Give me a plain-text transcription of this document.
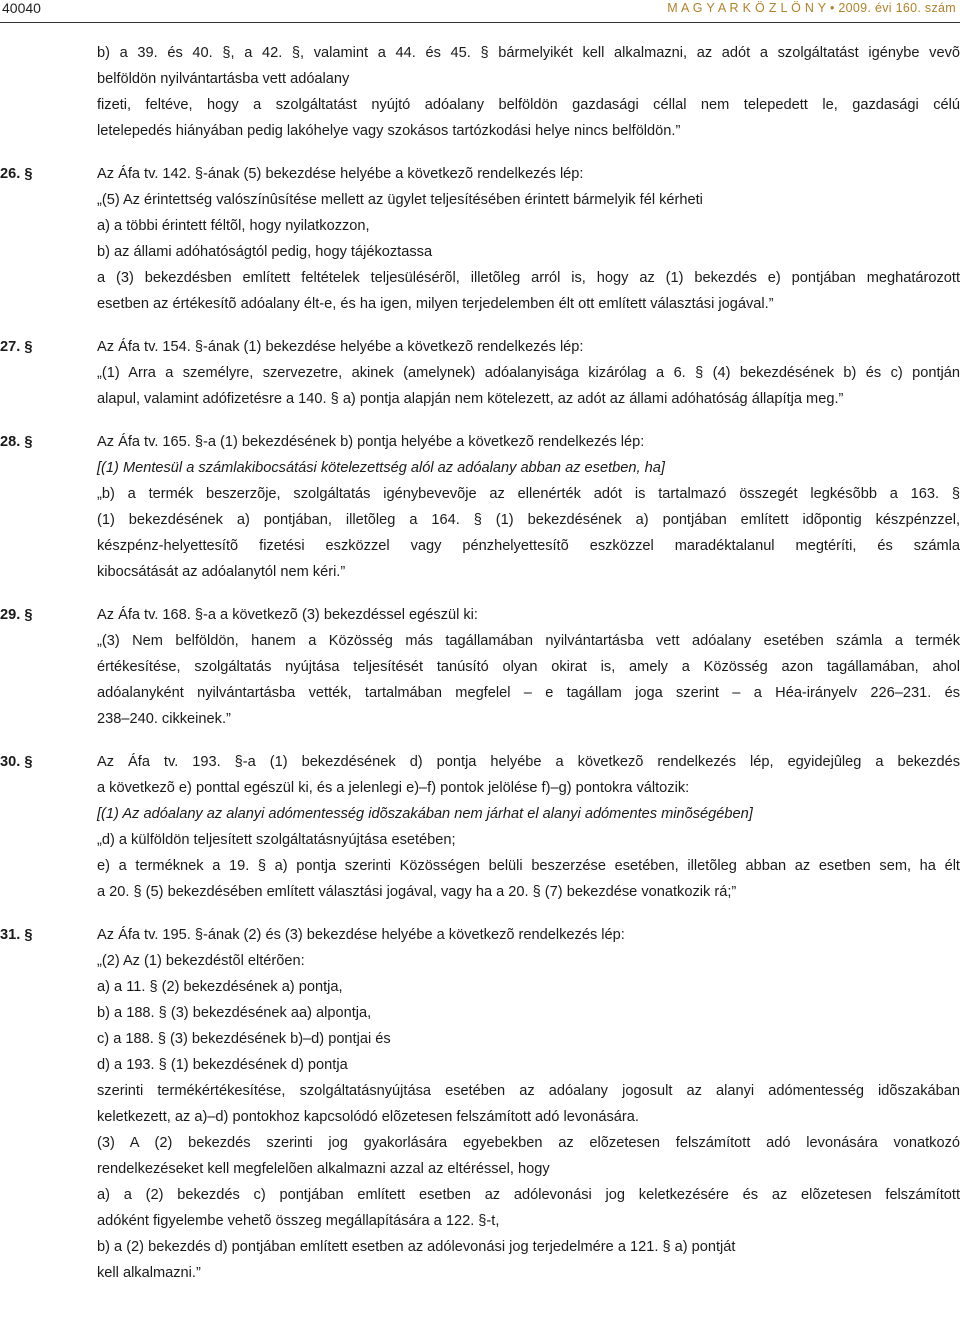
40040	M A G Y A R K Ö Z L Ö N Y • 2009. évi 160. szám

b) a 39. és 40. §, a 42. §, valamint a 44. és 45. § bármelyikét kell alkalmazni, az adót a szolgáltatást igénybe vevõ

belföldön nyilvántartásba vett adóalany

fizeti, feltéve, hogy a szolgáltatást nyújtó adóalany belföldön gazdasági céllal nem telepedett le, gazdasági célú

letelepedés hiányában pedig lakóhelye vagy szokásos tartózkodási helye nincs belföldön.”

26. §	Az Áfa tv. 142. §-ának (5) bekezdése helyébe a következõ rendelkezés lép:

„(5) Az érintettség valószínûsítése mellett az ügylet teljesítésében érintett bármelyik fél kérheti

a) a többi érintett féltõl, hogy nyilatkozzon,

b) az állami adóhatóságtól pedig, hogy tájékoztassa

a (3) bekezdésben említett feltételek teljesülésérõl, illetõleg arról is, hogy az (1) bekezdés e) pontjában meghatározott

esetben az értékesítõ adóalany élt-e, és ha igen, milyen terjedelemben élt ott említett választási jogával.”

27. §	Az Áfa tv. 154. §-ának (1) bekezdése helyébe a következõ rendelkezés lép:

„(1) Arra a személyre, szervezetre, akinek (amelynek) adóalanyisága kizárólag a 6. § (4) bekezdésének b) és c) pontján

alapul, valamint adófizetésre a 140. § a) pontja alapján nem kötelezett, az adót az állami adóhatóság állapítja meg.”

28. §	Az Áfa tv. 165. §-a (1) bekezdésének b) pontja helyébe a következõ rendelkezés lép:

[(1) Mentesül a számlakibocsátási kötelezettség alól az adóalany abban az esetben, ha]

„b) a termék beszerzõje, szolgáltatás igénybevevõje az ellenérték adót is tartalmazó összegét legkésõbb a 163. §

(1) bekezdésének a) pontjában, illetõleg a 164. § (1) bekezdésének a) pontjában említett idõpontig készpénzzel,

készpénz-helyettesítõ fizetési eszközzel vagy pénzhelyettesítõ eszközzel maradéktalanul megtéríti, és számla

kibocsátását az adóalanytól nem kéri.”

29. §	Az Áfa tv. 168. §-a a következõ (3) bekezdéssel egészül ki:

„(3) Nem belföldön, hanem a Közösség más tagállamában nyilvántartásba vett adóalany esetében számla a termék

értékesítése, szolgáltatás nyújtása teljesítését tanúsító olyan okirat is, amely a Közösség azon tagállamában, ahol

adóalanyként nyilvántartásba vették, tartalmában megfelel – e tagállam joga szerint – a Héa-irányelv 226–231. és

238–240. cikkeinek.”

30. §	Az Áfa tv. 193. §-a (1) bekezdésének d) pontja helyébe a következõ rendelkezés lép, egyidejûleg a bekezdés

a következõ e) ponttal egészül ki, és a jelenlegi e)–f) pontok jelölése f)–g) pontokra változik:

[(1) Az adóalany az alanyi adómentesség idõszakában nem járhat el alanyi adómentes minõségében]

„d) a külföldön teljesített szolgáltatásnyújtása esetében;

e) a terméknek a 19. § a) pontja szerinti Közösségen belüli beszerzése esetében, illetõleg abban az esetben sem, ha élt

a 20. § (5) bekezdésében említett választási jogával, vagy ha a 20. § (7) bekezdése vonatkozik rá;”

31. §	Az Áfa tv. 195. §-ának (2) és (3) bekezdése helyébe a következõ rendelkezés lép:

„(2) Az (1) bekezdéstõl eltérõen:

a) a 11. § (2) bekezdésének a) pontja,

b) a 188. § (3) bekezdésének aa) alpontja,

c) a 188. § (3) bekezdésének b)–d) pontjai és

d) a 193. § (1) bekezdésének d) pontja

szerinti termékértékesítése, szolgáltatásnyújtása esetében az adóalany jogosult az alanyi adómentesség idõszakában

keletkezett, az a)–d) pontokhoz kapcsolódó elõzetesen felszámított adó levonására.

(3) A (2) bekezdés szerinti jog gyakorlására egyebekben az elõzetesen felszámított adó levonására vonatkozó

rendelkezéseket kell megfelelõen alkalmazni azzal az eltéréssel, hogy

a) a (2) bekezdés c) pontjában említett esetben az adólevonási jog keletkezésére és az elõzetesen felszámított

adóként figyelembe vehetõ összeg megállapítására a 122. §-t,

b) a (2) bekezdés d) pontjában említett esetben az adólevonási jog terjedelmére a 121. § a) pontját

kell alkalmazni.”
